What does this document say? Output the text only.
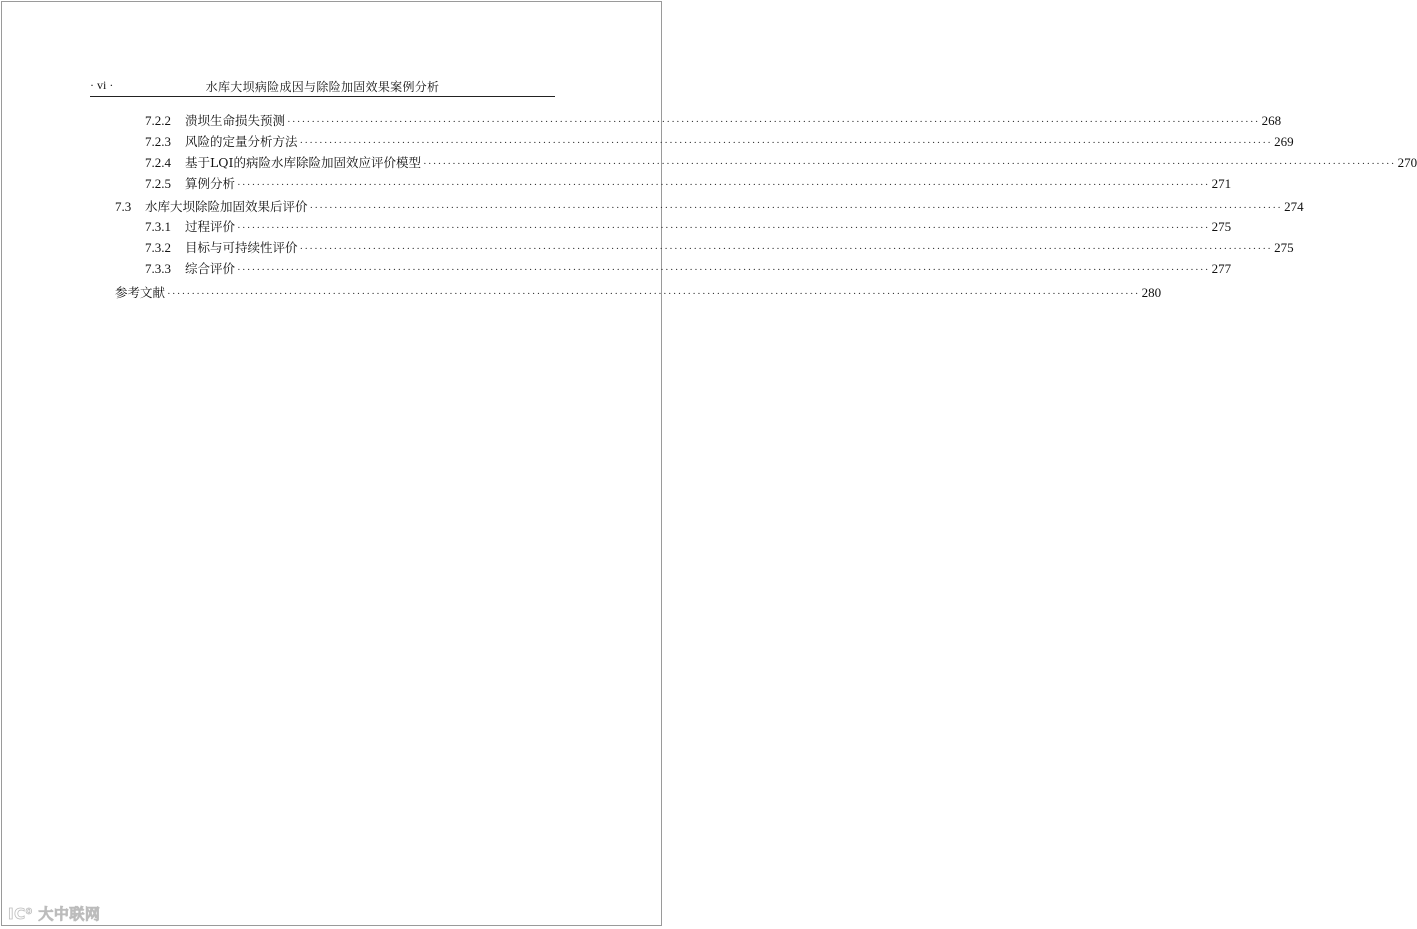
· vi ·	水库大坝病险成因与除险加固效果案例分析
7.2.2	溃坝生命损失预测 ········································································································································································································ 268
7.2.3	风险的定量分析方法 ········································································································································································································ 269
7.2.4	基于LQI的病险水库除险加固效应评价模型 ········································································································································································································ 270
7.2.5	算例分析 ········································································································································································································ 271
7.3	水库大坝除险加固效果后评价 ········································································································································································································ 274
7.3.1	过程评价 ········································································································································································································ 275
7.3.2	目标与可持续性评价 ········································································································································································································ 275
7.3.3	综合评价 ········································································································································································································ 277
参考文献 ········································································································································································································ 280
IC⁰ 大中联网
